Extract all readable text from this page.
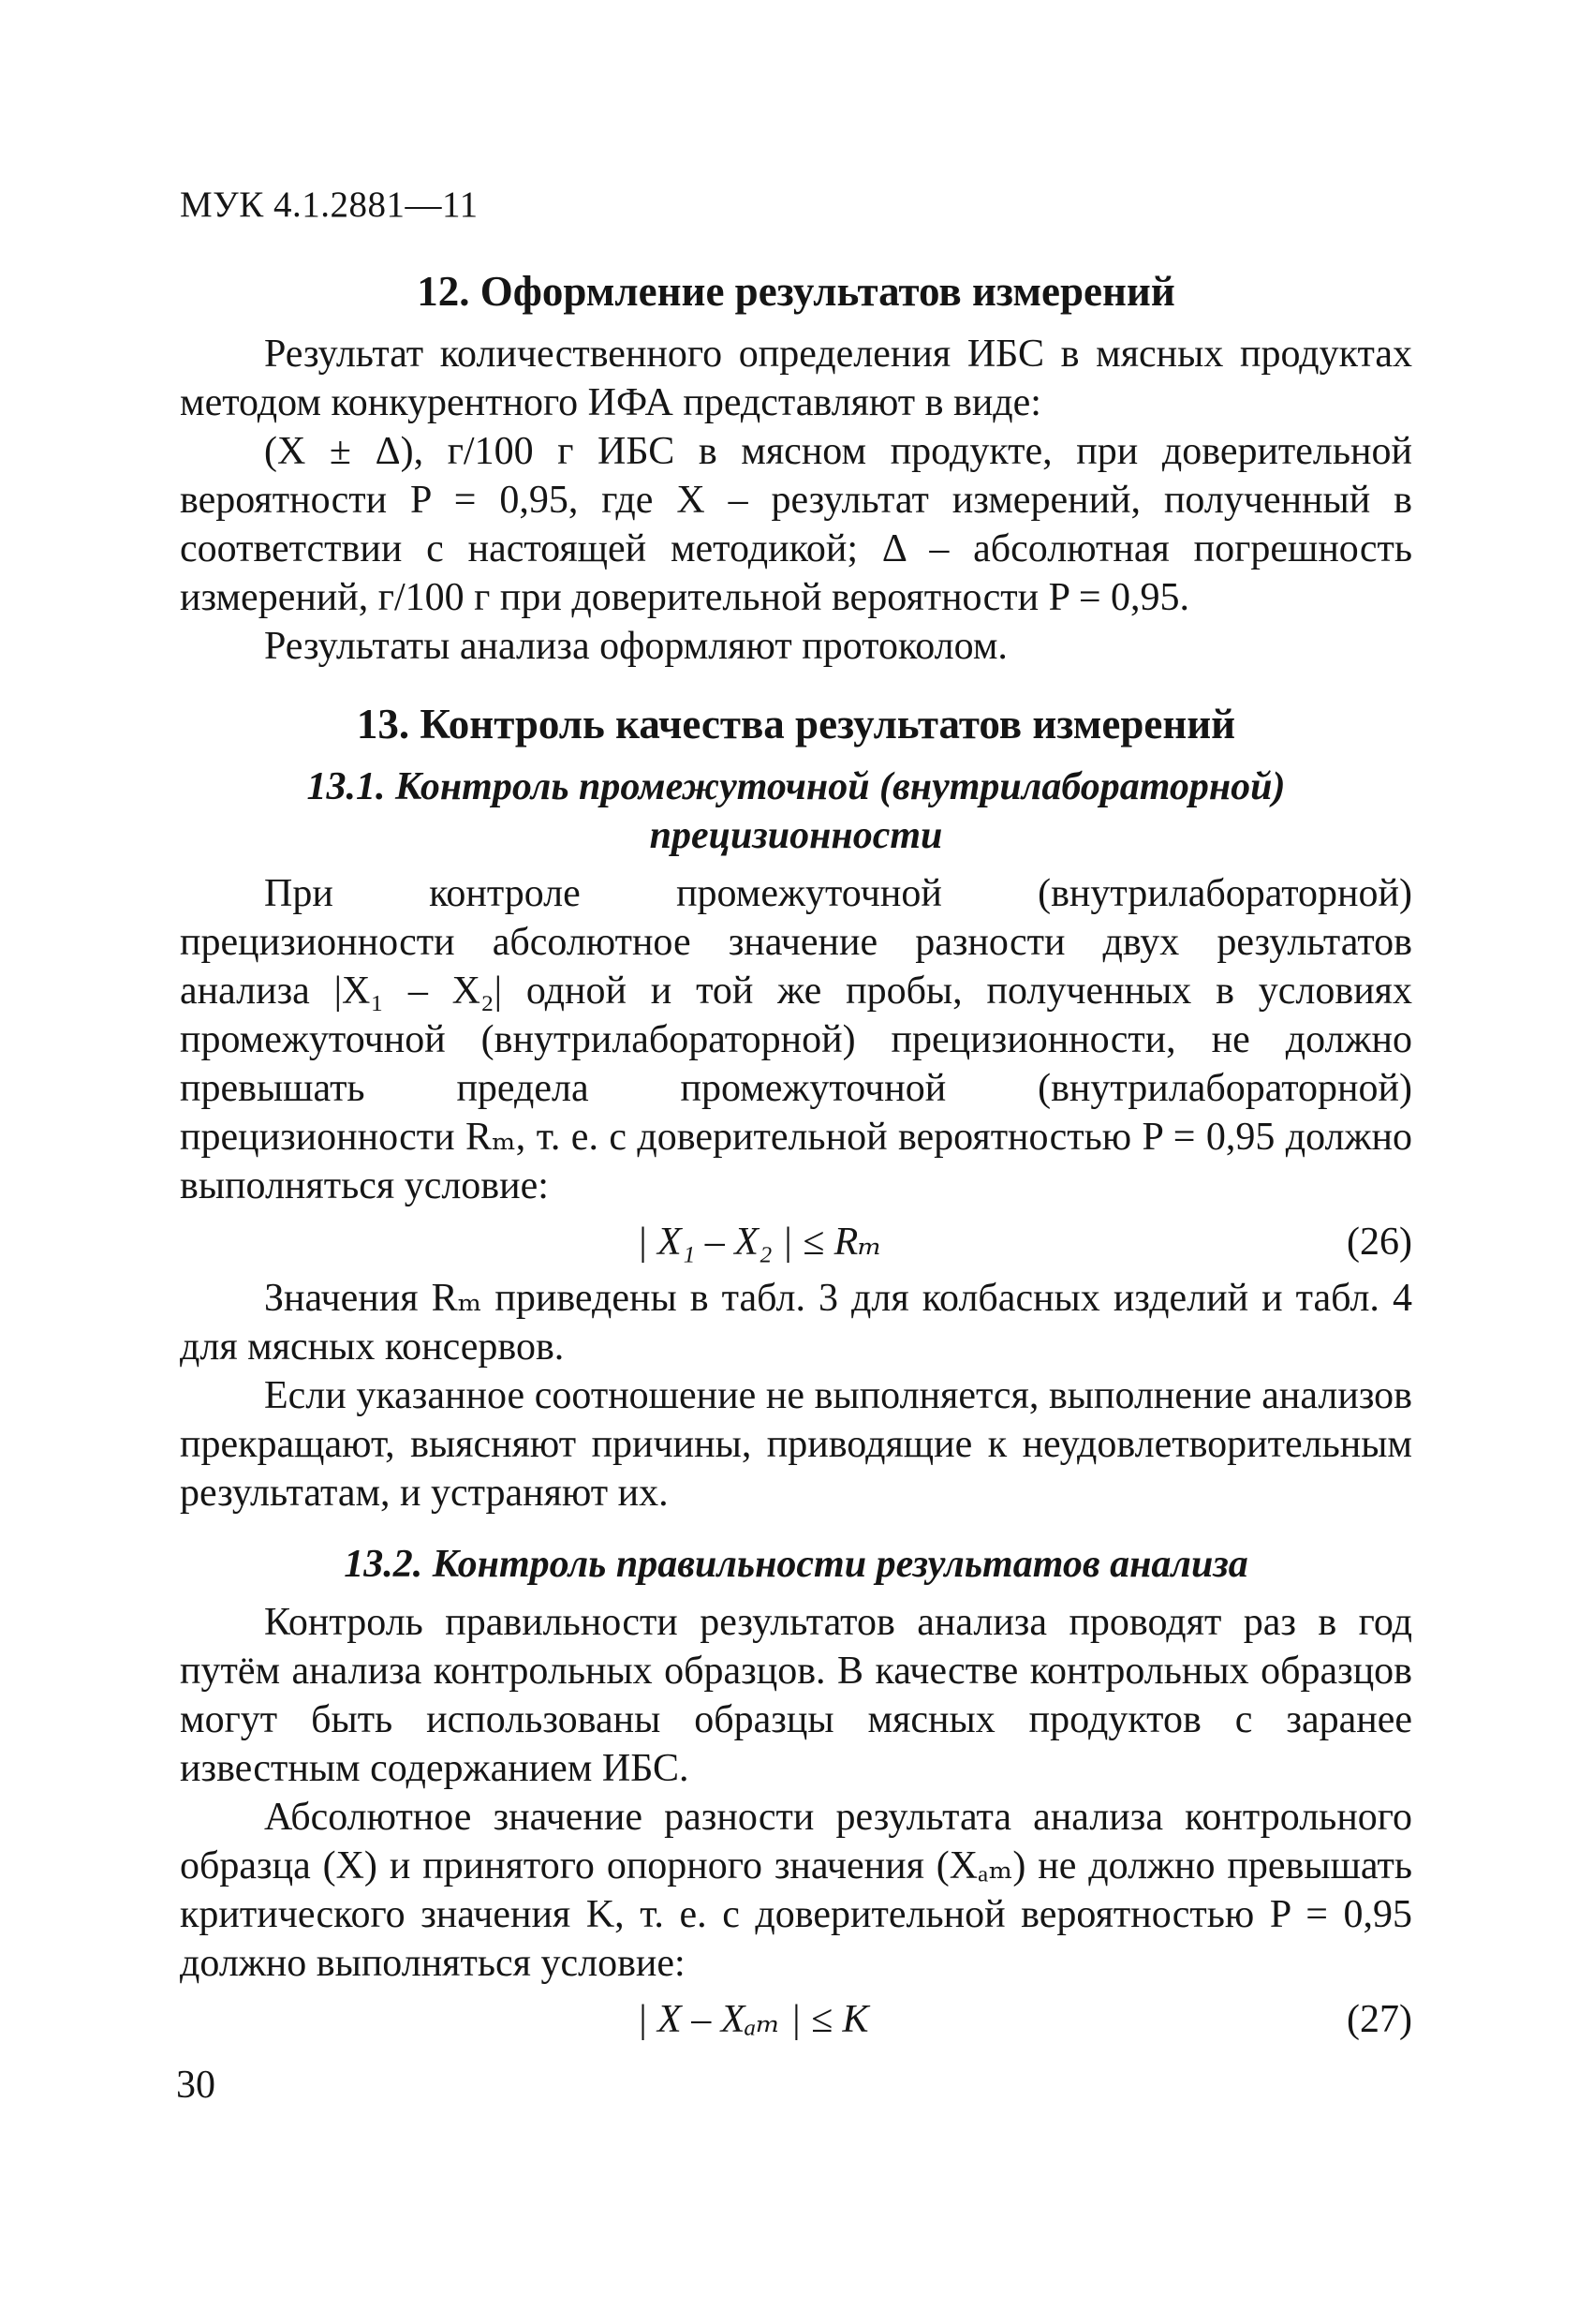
МУК 4.1.2881—11
12. Оформление результатов измерений

Результат количественного определения ИБС в мясных продуктах методом конкурентного ИФА представляют в виде:

(X ± Δ), г/100 г ИБС в мясном продукте, при доверительной вероятности P = 0,95, где X – результат измерений, полученный в соответствии с настоящей методикой; Δ – абсолютная погрешность измерений, г/100 г при доверительной вероятности P = 0,95.

Результаты анализа оформляют протоколом.

13. Контроль качества результатов измерений
13.1. Контроль промежуточной (внутрилабораторной) прецизионности

При контроле промежуточной (внутрилабораторной) прецизионности абсолютное значение разности двух результатов анализа |X₁ – X₂| одной и той же пробы, полученных в условиях промежуточной (внутрилабораторной) прецизионности, не должно превышать предела промежуточной (внутрилабораторной) прецизионности Rₘ, т. е. с доверительной вероятностью P = 0,95 должно выполняться условие:

| X₁ – X₂ | ≤ Rₘ	(26)

Значения Rₘ приведены в табл. 3 для колбасных изделий и табл. 4 для мясных консервов.

Если указанное соотношение не выполняется, выполнение анализов прекращают, выясняют причины, приводящие к неудовлетворительным результатам, и устраняют их.

13.2. Контроль правильности результатов анализа

Контроль правильности результатов анализа проводят раз в год путём анализа контрольных образцов. В качестве контрольных образцов могут быть использованы образцы мясных продуктов с заранее известным содержанием ИБС.

Абсолютное значение разности результата анализа контрольного образца (X) и принятого опорного значения (Xₐₘ) не должно превышать критического значения K, т. е. с доверительной вероятностью P = 0,95 должно выполняться условие:

| X – Xₐₘ | ≤ K	(27)
30
